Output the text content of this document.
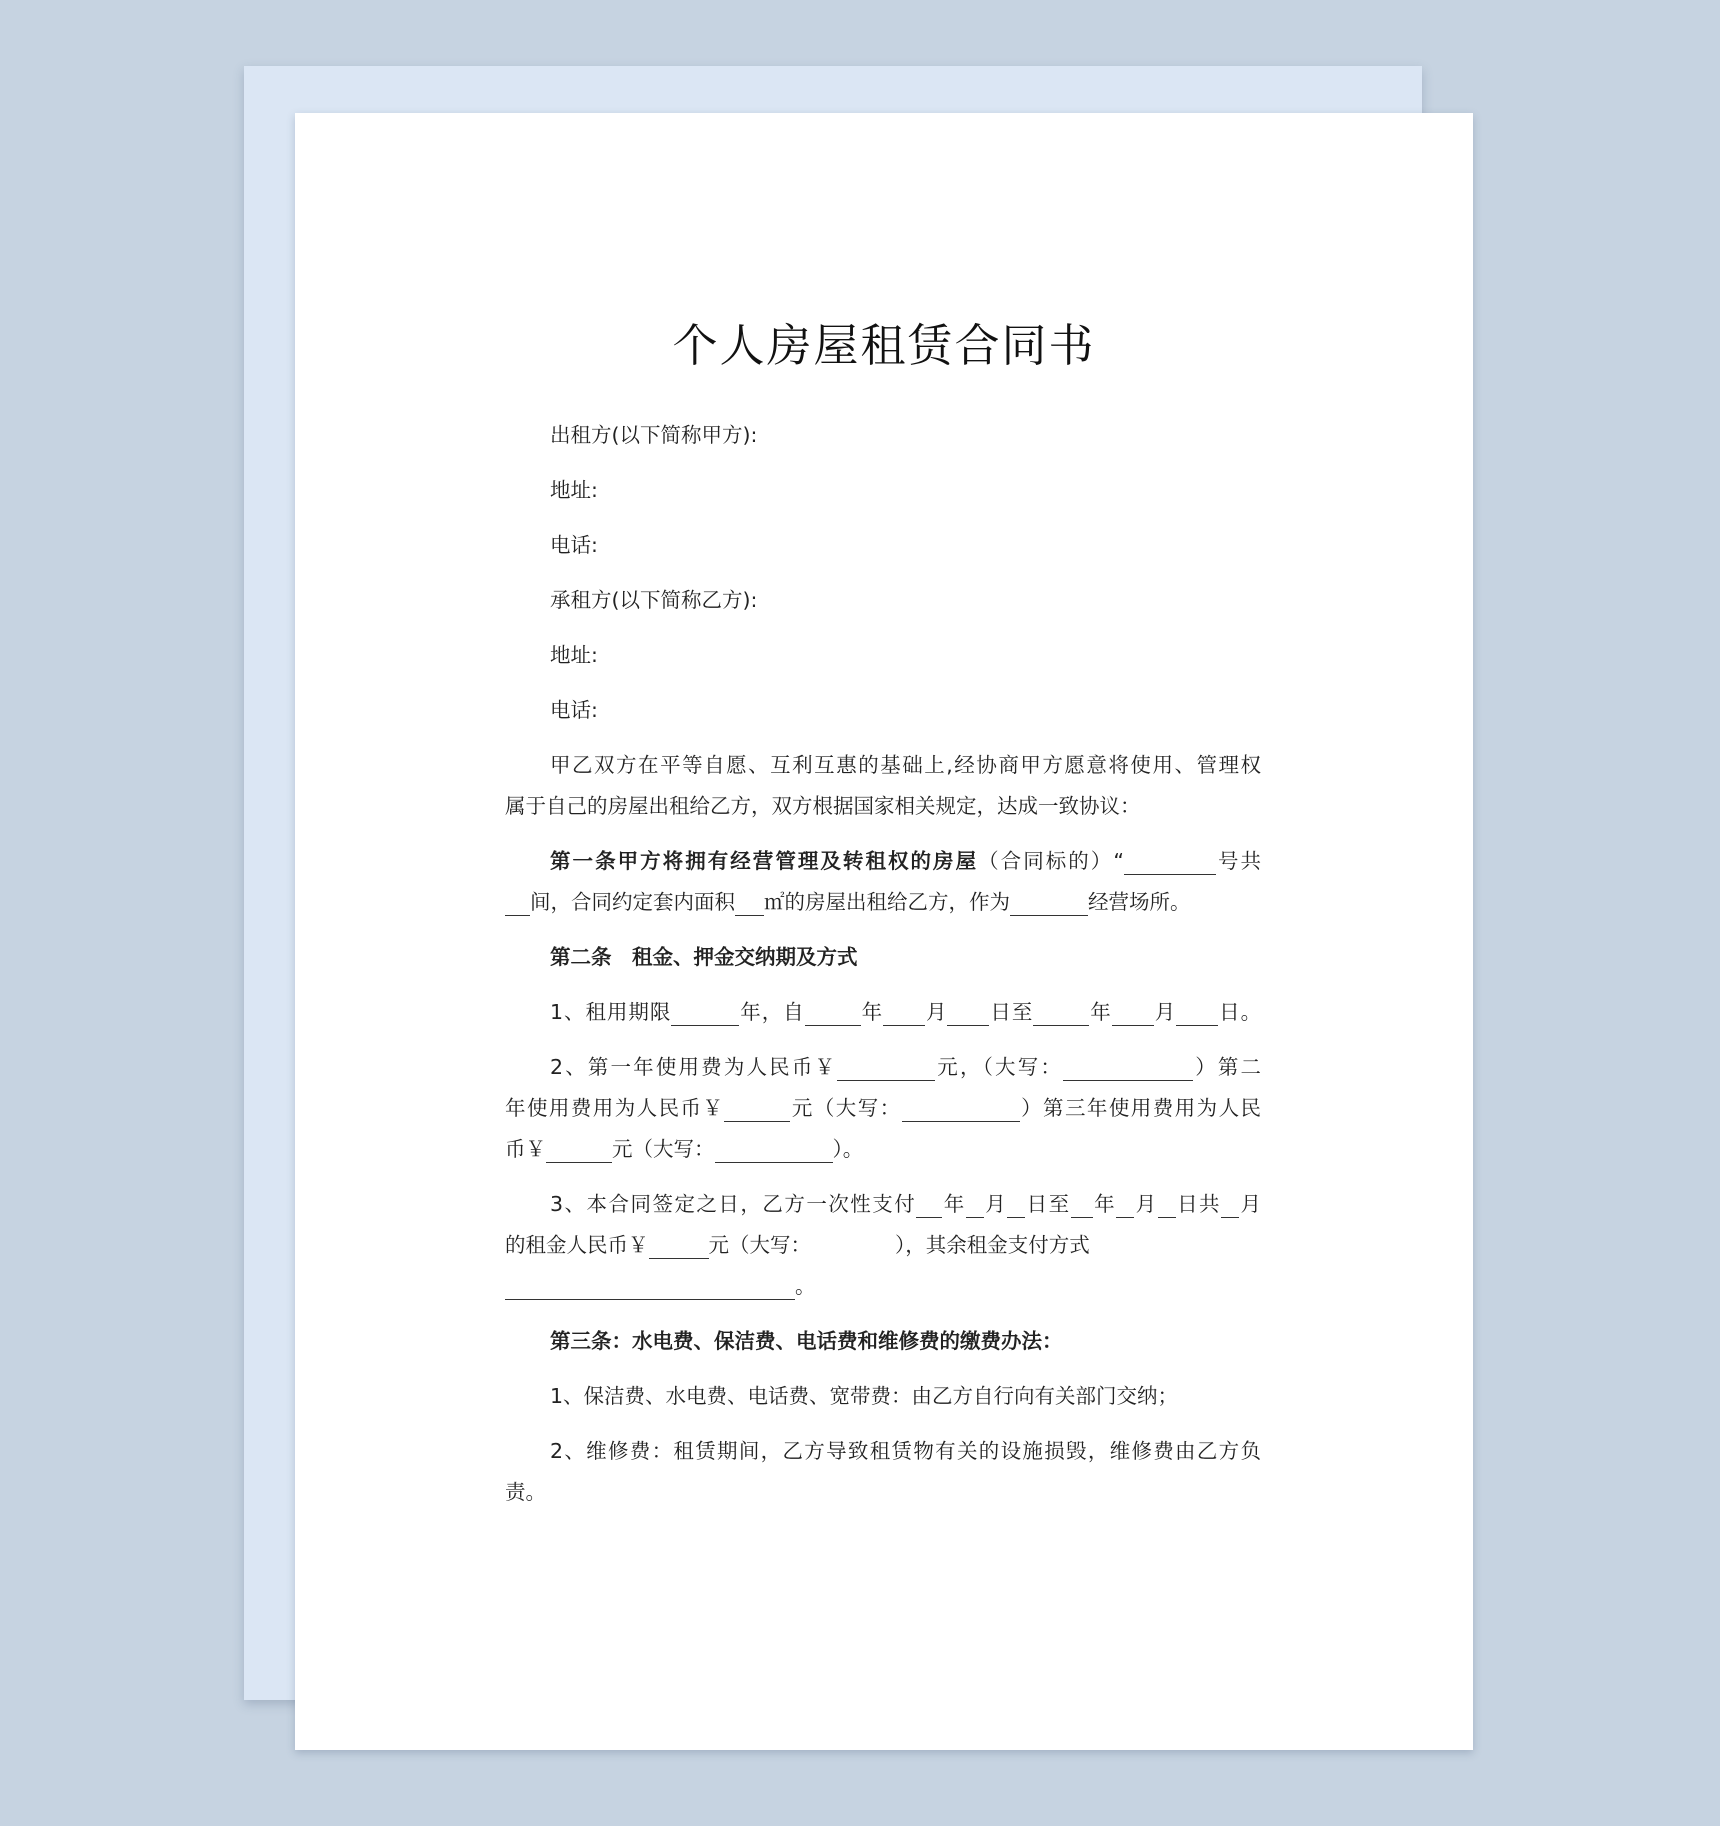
个人房屋租赁合同书
出租方(以下简称甲方):
地址:
电话:
承租方(以下简称乙方):
地址:
电话:
甲乙双方在平等自愿、互利互惠的基础上,经协商甲方愿意将使用、管理权
属于自己的房屋出租给乙方，双方根据国家相关规定，达成一致协议：
第一条甲方将拥有经营管理及转租权的房屋（合同标的）“	号共
间，合同约定套内面积 ㎡的房屋出租给乙方，作为	经营场所。
第二条　租金、押金交纳期及方式
1、租用期限	年，自	年 月 日至	年 月 日。
2、第一年使用费为人民币￥	元，（大写：	）第二
年使用费用为人民币￥	元（大写：	）第三年使用费用为人民
币￥	元（大写：	）。
3、本合同签定之日，乙方一次性支付 年 月 日至 年 月 日共 月
的租金人民币￥	元（大写：	），其余租金支付方式
。
第三条：水电费、保洁费、电话费和维修费的缴费办法：
1、保洁费、水电费、电话费、宽带费：由乙方自行向有关部门交纳；
2、维修费：租赁期间，乙方导致租赁物有关的设施损毁，维修费由乙方负
责。
